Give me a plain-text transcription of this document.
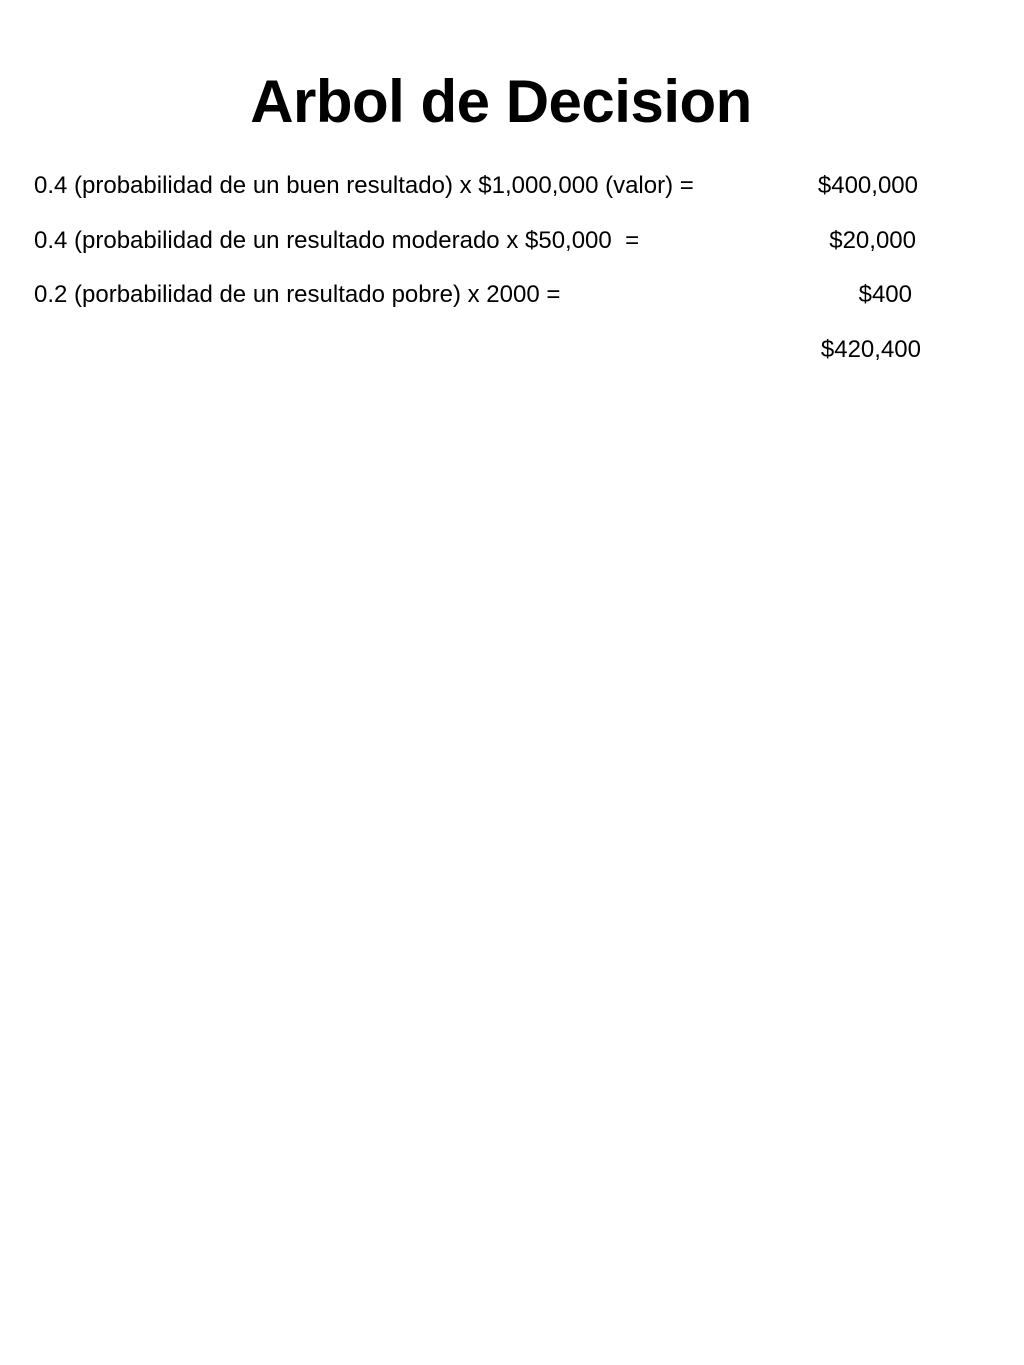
Arbol de Decision
0.4 (probabilidad de un buen resultado) x $1,000,000 (valor) =	$400,000
0.4 (probabilidad de un resultado moderado x $50,000  =	$20,000
0.2 (porbabilidad de un resultado pobre) x 2000 =	$400
$420,400
